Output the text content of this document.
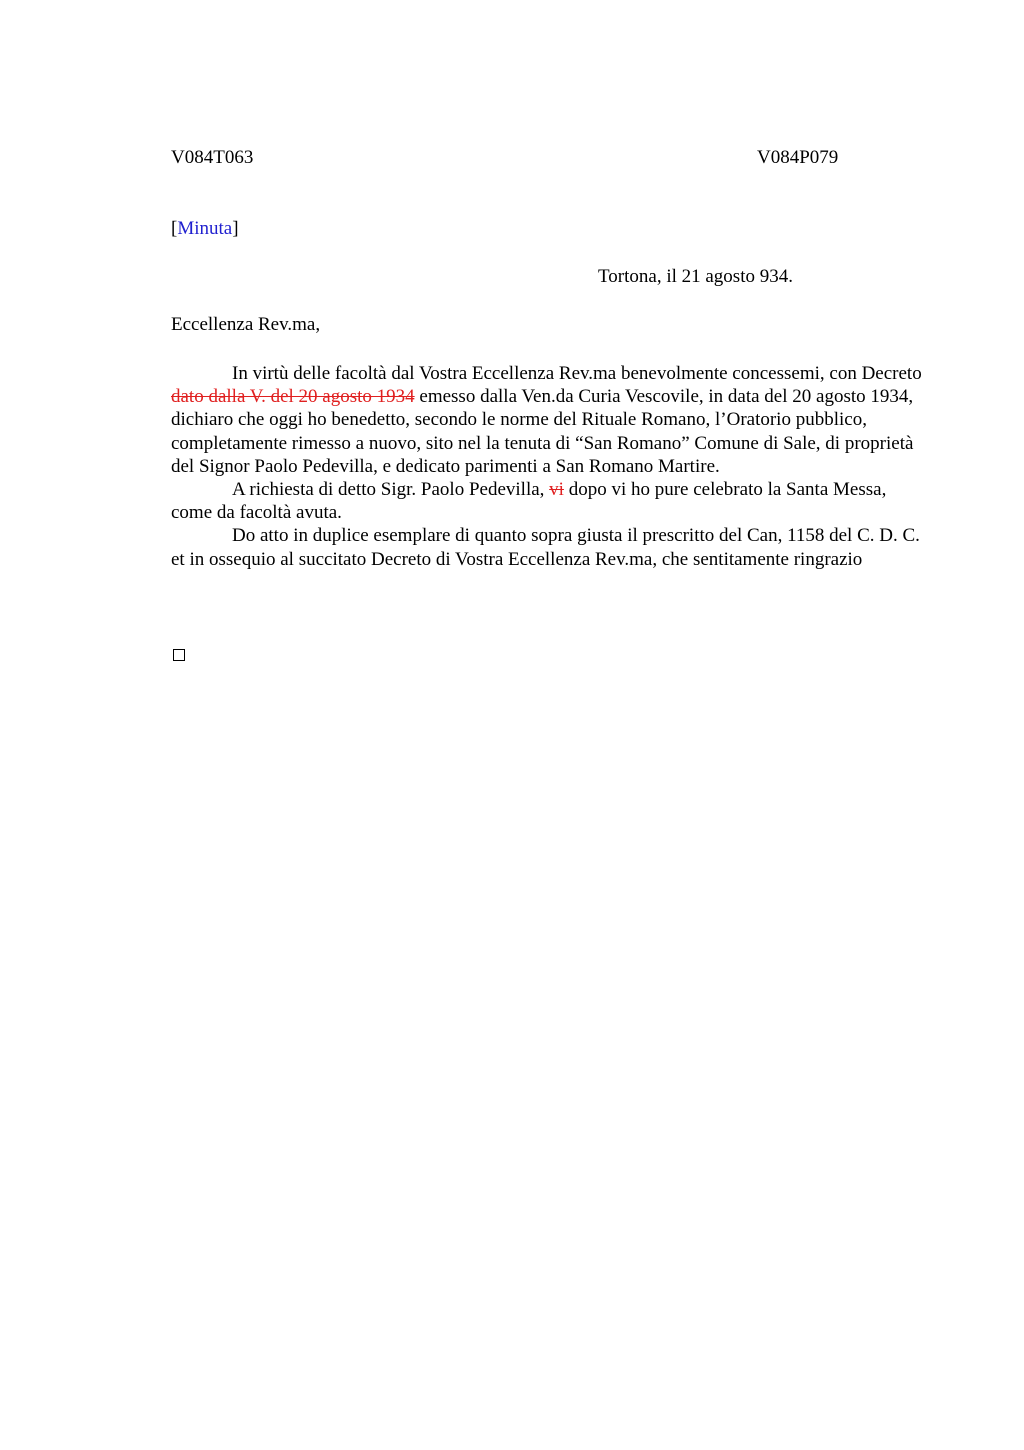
V084T063	V084P079
[Minuta]
Tortona, il 21 agosto 934.
Eccellenza Rev.ma,

In virtù delle facoltà dal Vostra Eccellenza Rev.ma benevolmente concessemi, con Decreto dato dalla V. del 20 agosto 1934 emesso dalla Ven.da Curia Vescovile, in data del 20 agosto 1934, dichiaro che oggi ho benedetto, secondo le norme del Rituale Romano, l’Oratorio pubblico, completamente rimesso a nuovo, sito nel la tenuta di “San Romano” Comune di Sale, di proprietà del Signor Paolo Pedevilla, e dedicato parimenti a San Romano Martire.

A richiesta di detto Sigr. Paolo Pedevilla, vi dopo vi ho pure celebrato la Santa Messa, come da facoltà avuta.

Do atto in duplice esemplare di quanto sopra giusta il prescritto del Can, 1158 del C. D. C. et in ossequio al succitato Decreto di Vostra Eccellenza Rev.ma, che sentitamente ringrazio
